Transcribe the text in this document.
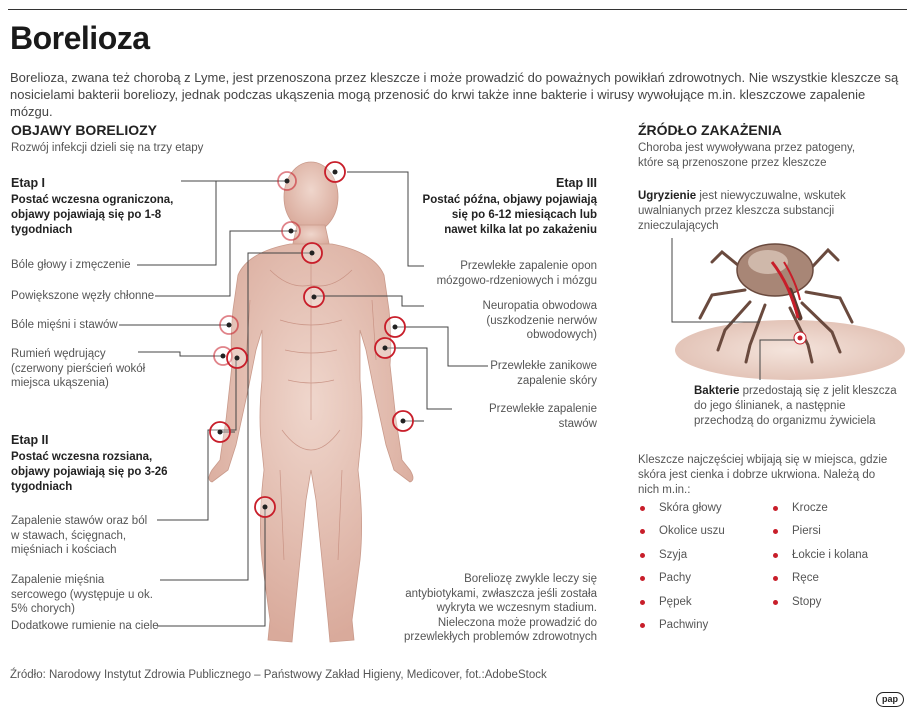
Borelioza
Borelioza, zwana też chorobą z Lyme, jest przenoszona przez kleszcze i może prowadzić do poważnych powikłań zdrowotnych. Nie wszystkie kleszcze są nosicielami bakterii boreliozy, jednak podczas ukąszenia mogą przenosić do krwi także inne bakterie i wirusy wywołujące m.in. kleszczowe zapalenie mózgu.
OBJAWY BORELIOZY
Rozwój infekcji dzieli się na trzy etapy
Etap I
Postać wczesna ograniczona, objawy pojawiają się po 1-8 tygodniach
Bóle głowy i zmęczenie
Powiększone węzły chłonne
Bóle mięśni i stawów
Rumień wędrujący (czerwony pierścień wokół miejsca ukąszenia)
Etap II
Postać wczesna rozsiana, objawy pojawiają się po 3-26 tygodniach
Zapalenie stawów oraz ból w stawach, ścięgnach, mięśniach i kościach
Zapalenie mięśnia sercowego (występuje u ok. 5% chorych)
Dodatkowe rumienie na ciele
Etap III
Postać późna, objawy pojawiają się po 6-12 miesiącach lub nawet kilka lat po zakażeniu
Przewlekłe zapalenie opon mózgowo-rdzeniowych i mózgu
Neuropatia obwodowa (uszkodzenie nerwów obwodowych)
Przewlekłe zanikowe zapalenie skóry
Przewlekłe zapalenie stawów
Boreliozę zwykle leczy się antybiotykami, zwłaszcza jeśli została wykryta we wczesnym stadium. Nieleczona może prowadzić do przewlekłych problemów zdrowotnych
ŹRÓDŁO ZAKAŻENIA
Choroba jest wywoływana przez patogeny, które są przenoszone przez kleszcze
Ugryzienie jest niewyczuwalne, wskutek uwalnianych przez kleszcza substancji znieczulających
Bakterie przedostają się z jelit kleszcza do jego ślinianek, a następnie przechodzą do organizmu żywiciela
Kleszcze najczęściej wbijają się w miejsca, gdzie skóra jest cienka i dobrze ukrwiona. Należą do nich m.in.:
Skóra głowy
Okolice uszu
Szyja
Pachy
Pępek
Pachwiny
Krocze
Piersi
Łokcie i kolana
Ręce
Stopy
Źródło: Narodowy Instytut Zdrowia Publicznego – Państwowy Zakład Higieny, Medicover, fot.:AdobeStock
pap
